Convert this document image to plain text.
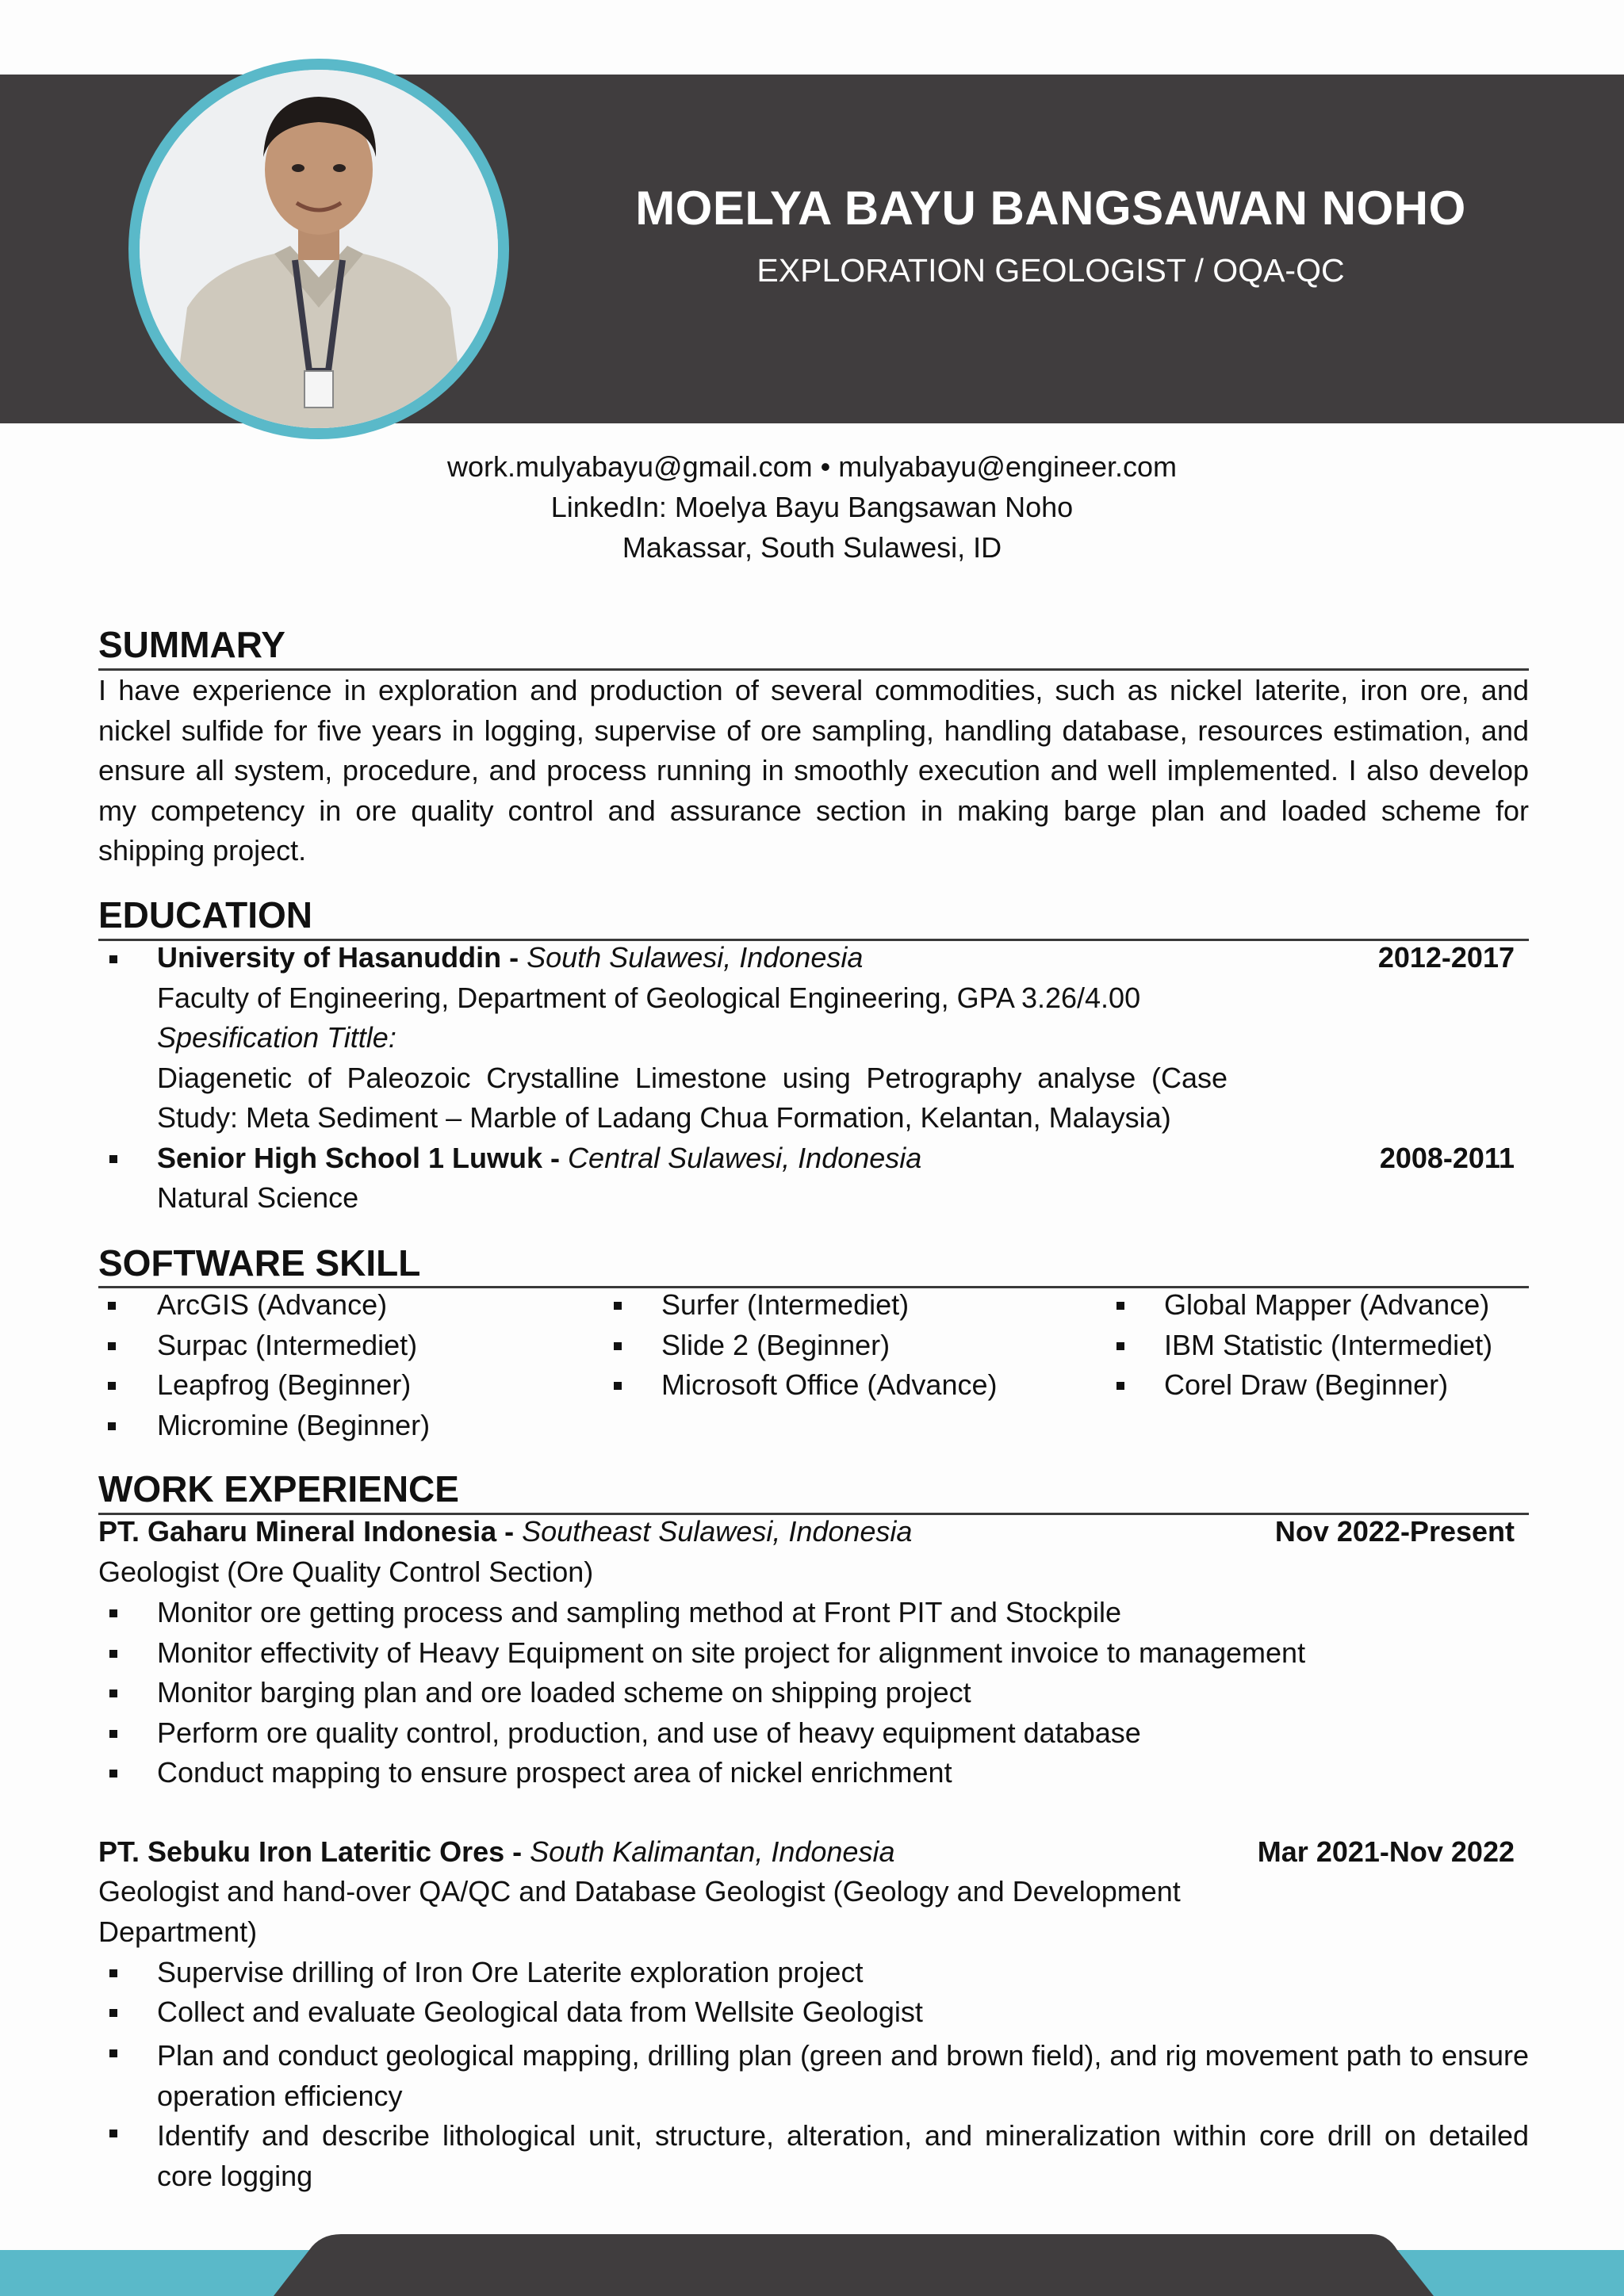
MOELYA BAYU BANGSAWAN NOHO
EXPLORATION GEOLOGIST / OQA-QC
work.mulyabayu@gmail.com • mulyabayu@engineer.com
LinkedIn: Moelya Bayu Bangsawan Noho
Makassar, South Sulawesi, ID
SUMMARY
I have experience in exploration and production of several commodities, such as nickel laterite, iron ore, and nickel sulfide for five years in logging, supervise of ore sampling, handling database, resources estimation, and ensure all system, procedure, and process running in smoothly execution and well implemented. I also develop my competency in ore quality control and assurance section in making barge plan and loaded scheme for shipping project.
EDUCATION
University of Hasanuddin - South Sulawesi, Indonesia	2012-2017
Faculty of Engineering, Department of Geological Engineering, GPA 3.26/4.00
Spesification Tittle:
Diagenetic of Paleozoic Crystalline Limestone using Petrography analyse (Case
Study: Meta Sediment – Marble of Ladang Chua Formation, Kelantan, Malaysia)
Senior High School 1 Luwuk - Central Sulawesi, Indonesia	2008-2011
Natural Science
SOFTWARE SKILL
ArcGIS (Advance)
Surpac (Intermediet)
Leapfrog (Beginner)
Micromine (Beginner)
Surfer (Intermediet)
Slide 2 (Beginner)
Microsoft Office (Advance)
Global Mapper (Advance)
IBM Statistic (Intermediet)
Corel Draw (Beginner)
WORK EXPERIENCE
PT. Gaharu Mineral Indonesia - Southeast Sulawesi, Indonesia	Nov 2022-Present
Geologist (Ore Quality Control Section)
Monitor ore getting process and sampling method at Front PIT and Stockpile
Monitor effectivity of Heavy Equipment on site project for alignment invoice to management
Monitor barging plan and ore loaded scheme on shipping project
Perform ore quality control, production, and use of heavy equipment database
Conduct mapping to ensure prospect area of nickel enrichment
PT. Sebuku Iron Lateritic Ores - South Kalimantan, Indonesia	Mar 2021-Nov 2022
Geologist and hand-over QA/QC and Database Geologist (Geology and Development
Department)
Supervise drilling of Iron Ore Laterite exploration project
Collect and evaluate Geological data from Wellsite Geologist
Plan and conduct geological mapping, drilling plan (green and brown field), and rig movement path to ensure operation efficiency
Identify and describe lithological unit, structure, alteration, and mineralization within core drill on detailed core logging
